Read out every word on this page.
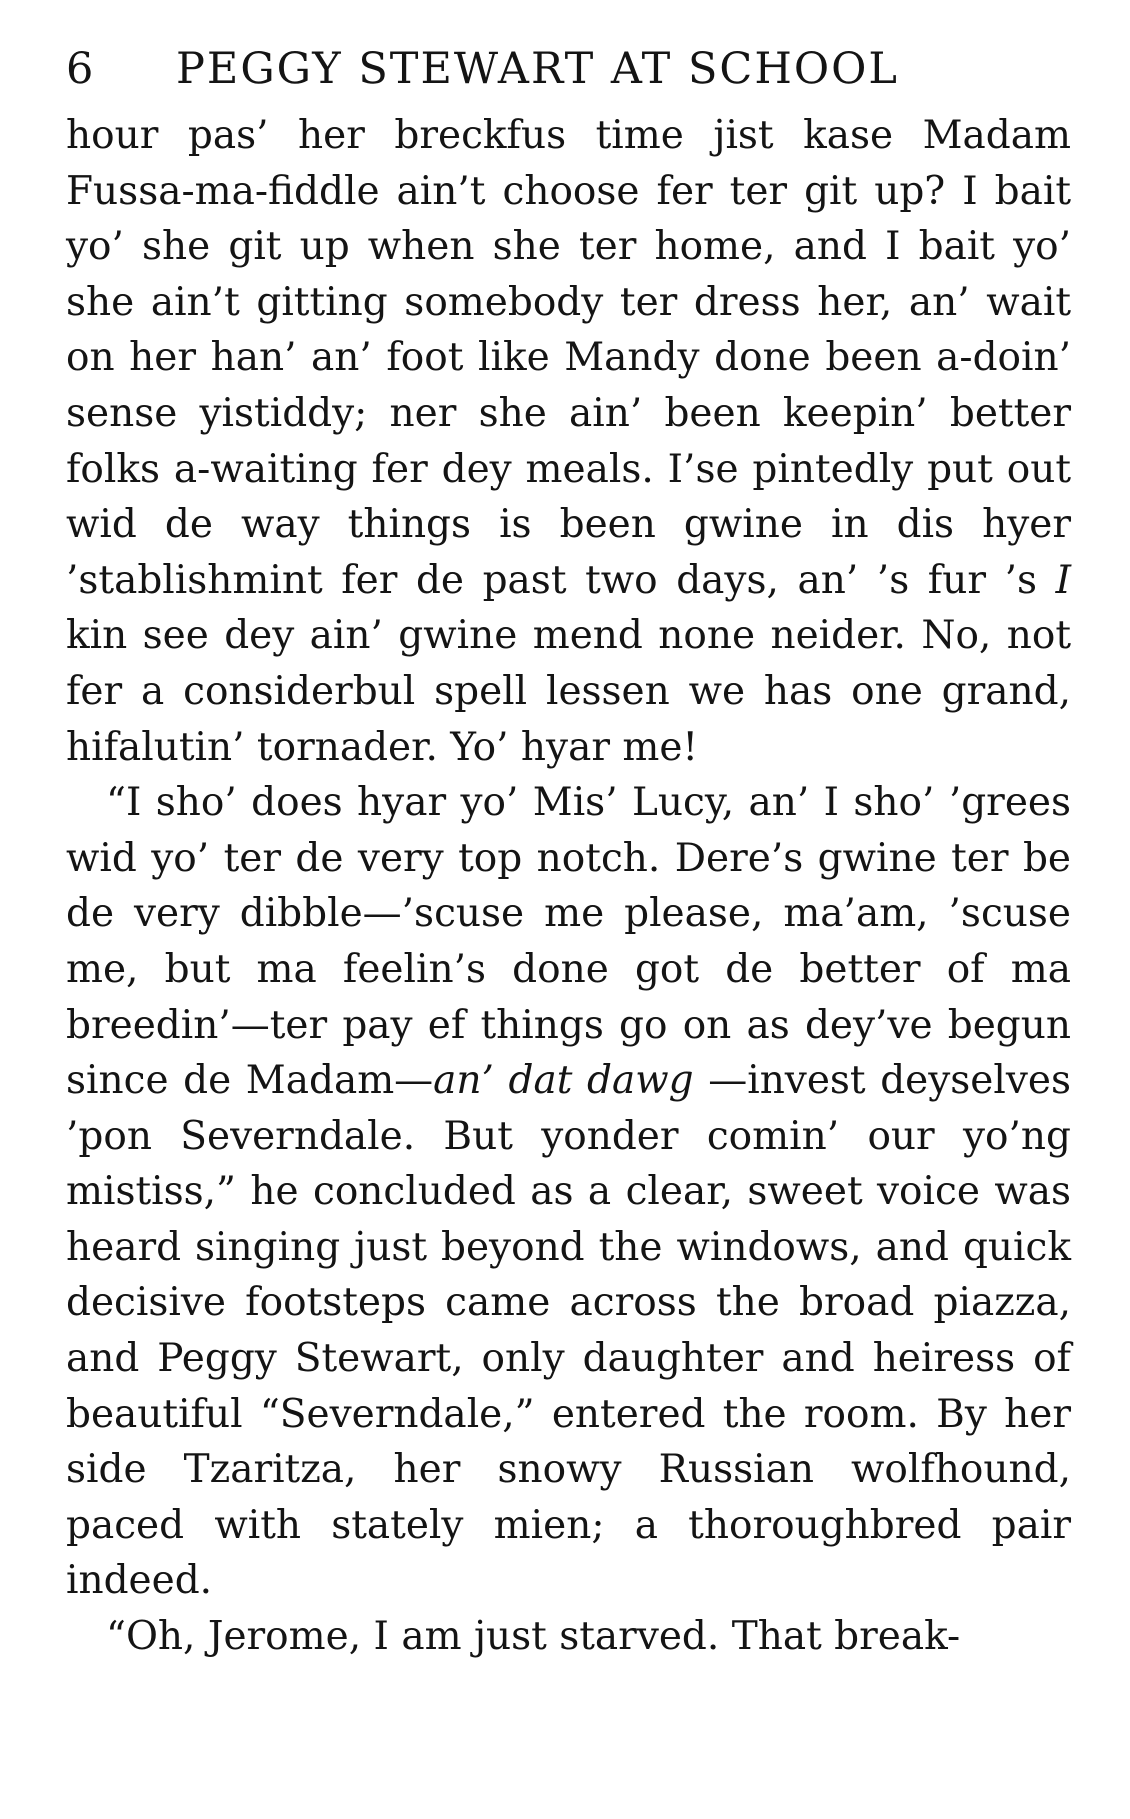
6	PEGGY STEWART AT SCHOOL

hour pas’ her breckfus time jist kase Madam Fussa-ma-fiddle ain’t choose fer ter git up? I bait yo’ she git up when she ter home, and I bait yo’ she ain’t gitting somebody ter dress her, an’ wait on her han’ an’ foot like Mandy done been a-doin’ sense yistiddy; ner she ain’ been keepin’ better folks a-waiting fer dey meals. I’se pintedly put out wid de way things is been gwine in dis hyer ’stablishmint fer de past two days, an’ ’s fur ’s I kin see dey ain’ gwine mend none neider. No, not fer a considerbul spell lessen we has one grand, hifalutin’ tornader. Yo’ hyar me!

“I sho’ does hyar yo’ Mis’ Lucy, an’ I sho’ ’grees wid yo’ ter de very top notch. Dere’s gwine ter be de very dibble—’scuse me please, ma’am, ’scuse me, but ma feelin’s done got de better of ma breedin’—ter pay ef things go on as dey’ve begun since de Madam—an’ dat dawg —invest deyselves ’pon Severndale. But yonder comin’ our yo’ng mistiss,” he concluded as a clear, sweet voice was heard singing just beyond the windows, and quick decisive footsteps came across the broad piazza, and Peggy Stewart, only daughter and heiress of beautiful “Severndale,” entered the room. By her side Tzaritza, her snowy Russian wolfhound, paced with stately mien; a thoroughbred pair indeed.

“Oh, Jerome, I am just starved. That break-
